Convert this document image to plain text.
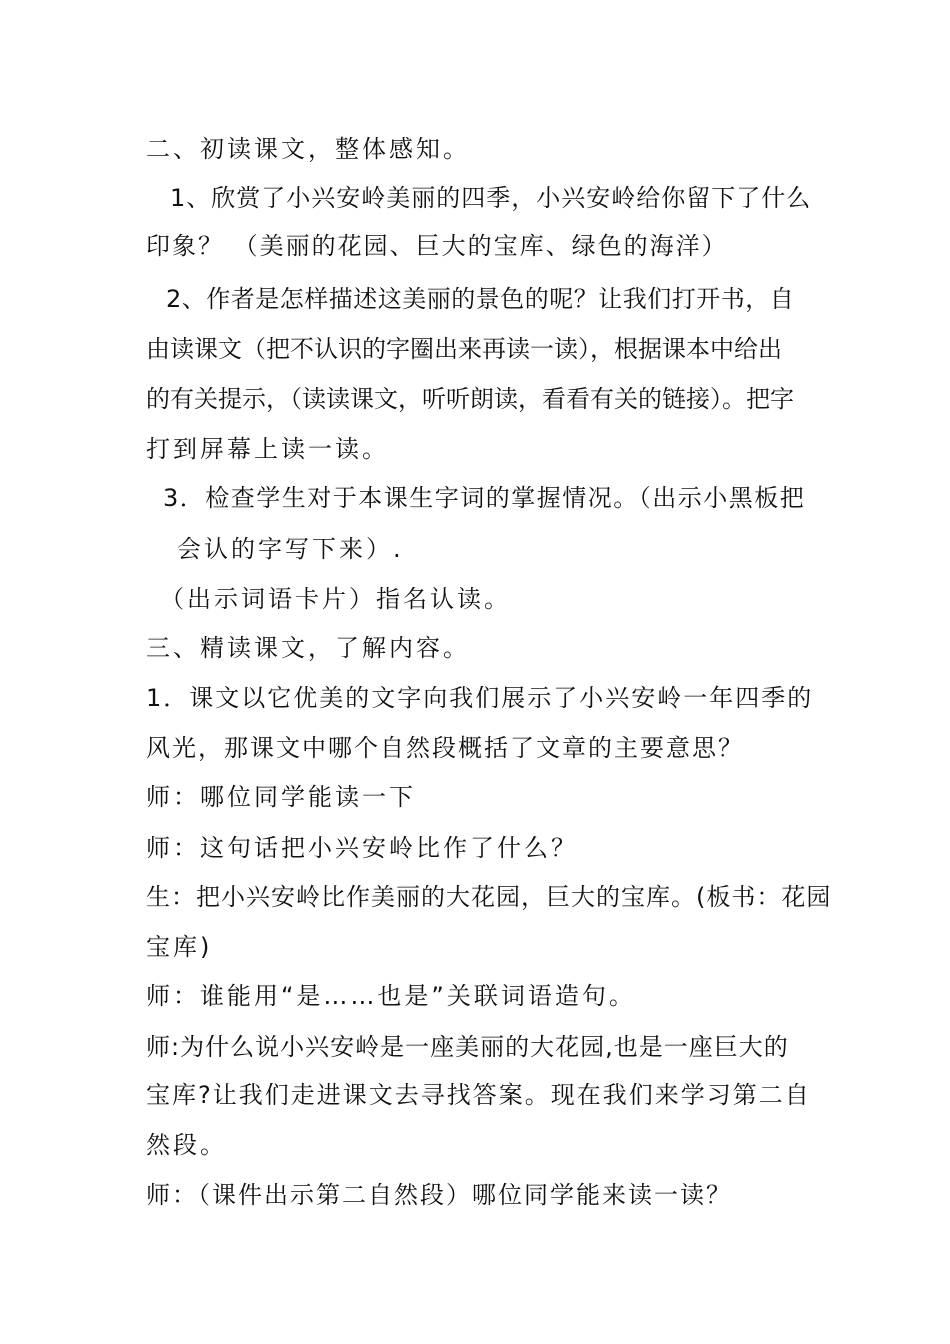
二、初读课文，整体感知。
1、欣赏了小兴安岭美丽的四季，小兴安岭给你留下了什么
印象？ （美丽的花园、巨大的宝库、绿色的海洋）
2、作者是怎样描述这美丽的景色的呢？让我们打开书，自
由读课文（把不认识的字圈出来再读一读），根据课本中给出
的有关提示，（读读课文，听听朗读，看看有关的链接）。把字
打到屏幕上读一读。
3．检查学生对于本课生字词的掌握情况。（出示小黑板把
会认的字写下来）.
（出示词语卡片）指名认读。
三、精读课文，了解内容。
1．课文以它优美的文字向我们展示了小兴安岭一年四季的
风光，那课文中哪个自然段概括了文章的主要意思？
师：哪位同学能读一下
师：这句话把小兴安岭比作了什么？
生：把小兴安岭比作美丽的大花园，巨大的宝库。(板书：花园
宝库)
师：谁能用“是……也是”关联词语造句。
师:为什么说小兴安岭是一座美丽的大花园,也是一座巨大的
宝库?让我们走进课文去寻找答案。现在我们来学习第二自
然段。
师：（课件出示第二自然段）哪位同学能来读一读？
